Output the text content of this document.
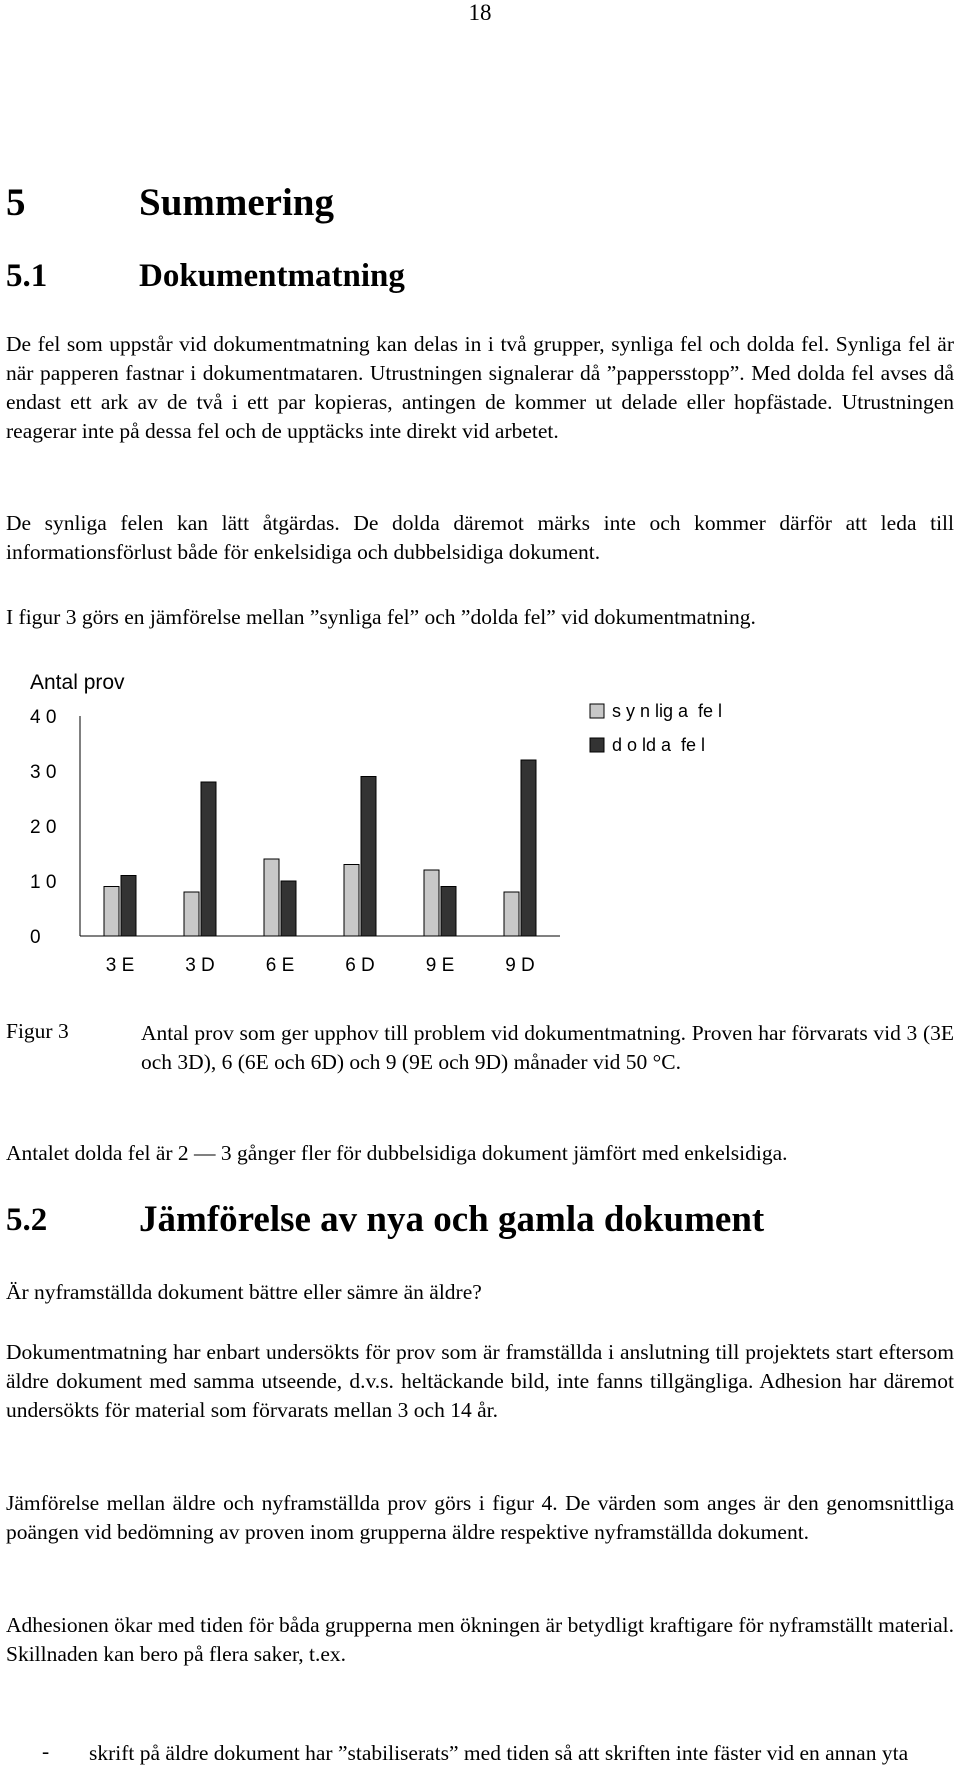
18
5	Summering
5.1	Dokumentmatning

De fel som uppstår vid dokumentmatning kan delas in i två grupper, synliga fel och dolda fel. Synliga fel är när papperen fastnar i dokumentmataren. Utrustningen signalerar då ”pappersstopp”. Med dolda fel avses då endast ett ark av de två i ett par kopieras, antingen de kommer ut delade eller hopfästade. Utrustningen reagerar inte på dessa fel och de upptäcks inte direkt vid arbetet.

De synliga felen kan lätt åtgärdas. De dolda däremot märks inte och kommer därför att leda till informationsförlust både för enkelsidiga och dubbelsidiga dokument.

I figur 3 görs en jämförelse mellan ”synliga fel” och ”dolda fel” vid dokumentmatning.

Antal prov
0
1 0
2 0
3 0
4 0
3 E	3 D	6 E	6 D	9 E	9 D
s y n lig a  fe l
d o ld a  fe l
Figur 3	Antal prov som ger upphov till problem vid dokumentmatning. Proven har förvarats vid 3 (3E och 3D), 6 (6E och 6D) och 9 (9E och 9D) månader vid 50 °C.

Antalet dolda fel är 2 — 3 gånger fler för dubbelsidiga dokument jämfört med enkelsidiga.

5.2 Jämförelse av nya och gamla dokument

Är nyframställda dokument bättre eller sämre än äldre?

Dokumentmatning har enbart undersökts för prov som är framställda i anslutning till projektets start eftersom äldre dokument med samma utseende, d.v.s. heltäckande bild, inte fanns tillgängliga. Adhesion har däremot undersökts för material som förvarats mellan 3 och 14 år.

Jämförelse mellan äldre och nyframställda prov görs i figur 4. De värden som anges är den genomsnittliga poängen vid bedömning av proven inom grupperna äldre respektive nyframställda dokument.

Adhesionen ökar med tiden för båda grupperna men ökningen är betydligt kraftigare för nyframställt material. Skillnaden kan bero på flera saker, t.ex.

- skrift på äldre dokument har ”stabiliserats” med tiden så att skriften inte fäster vid en annan yta
